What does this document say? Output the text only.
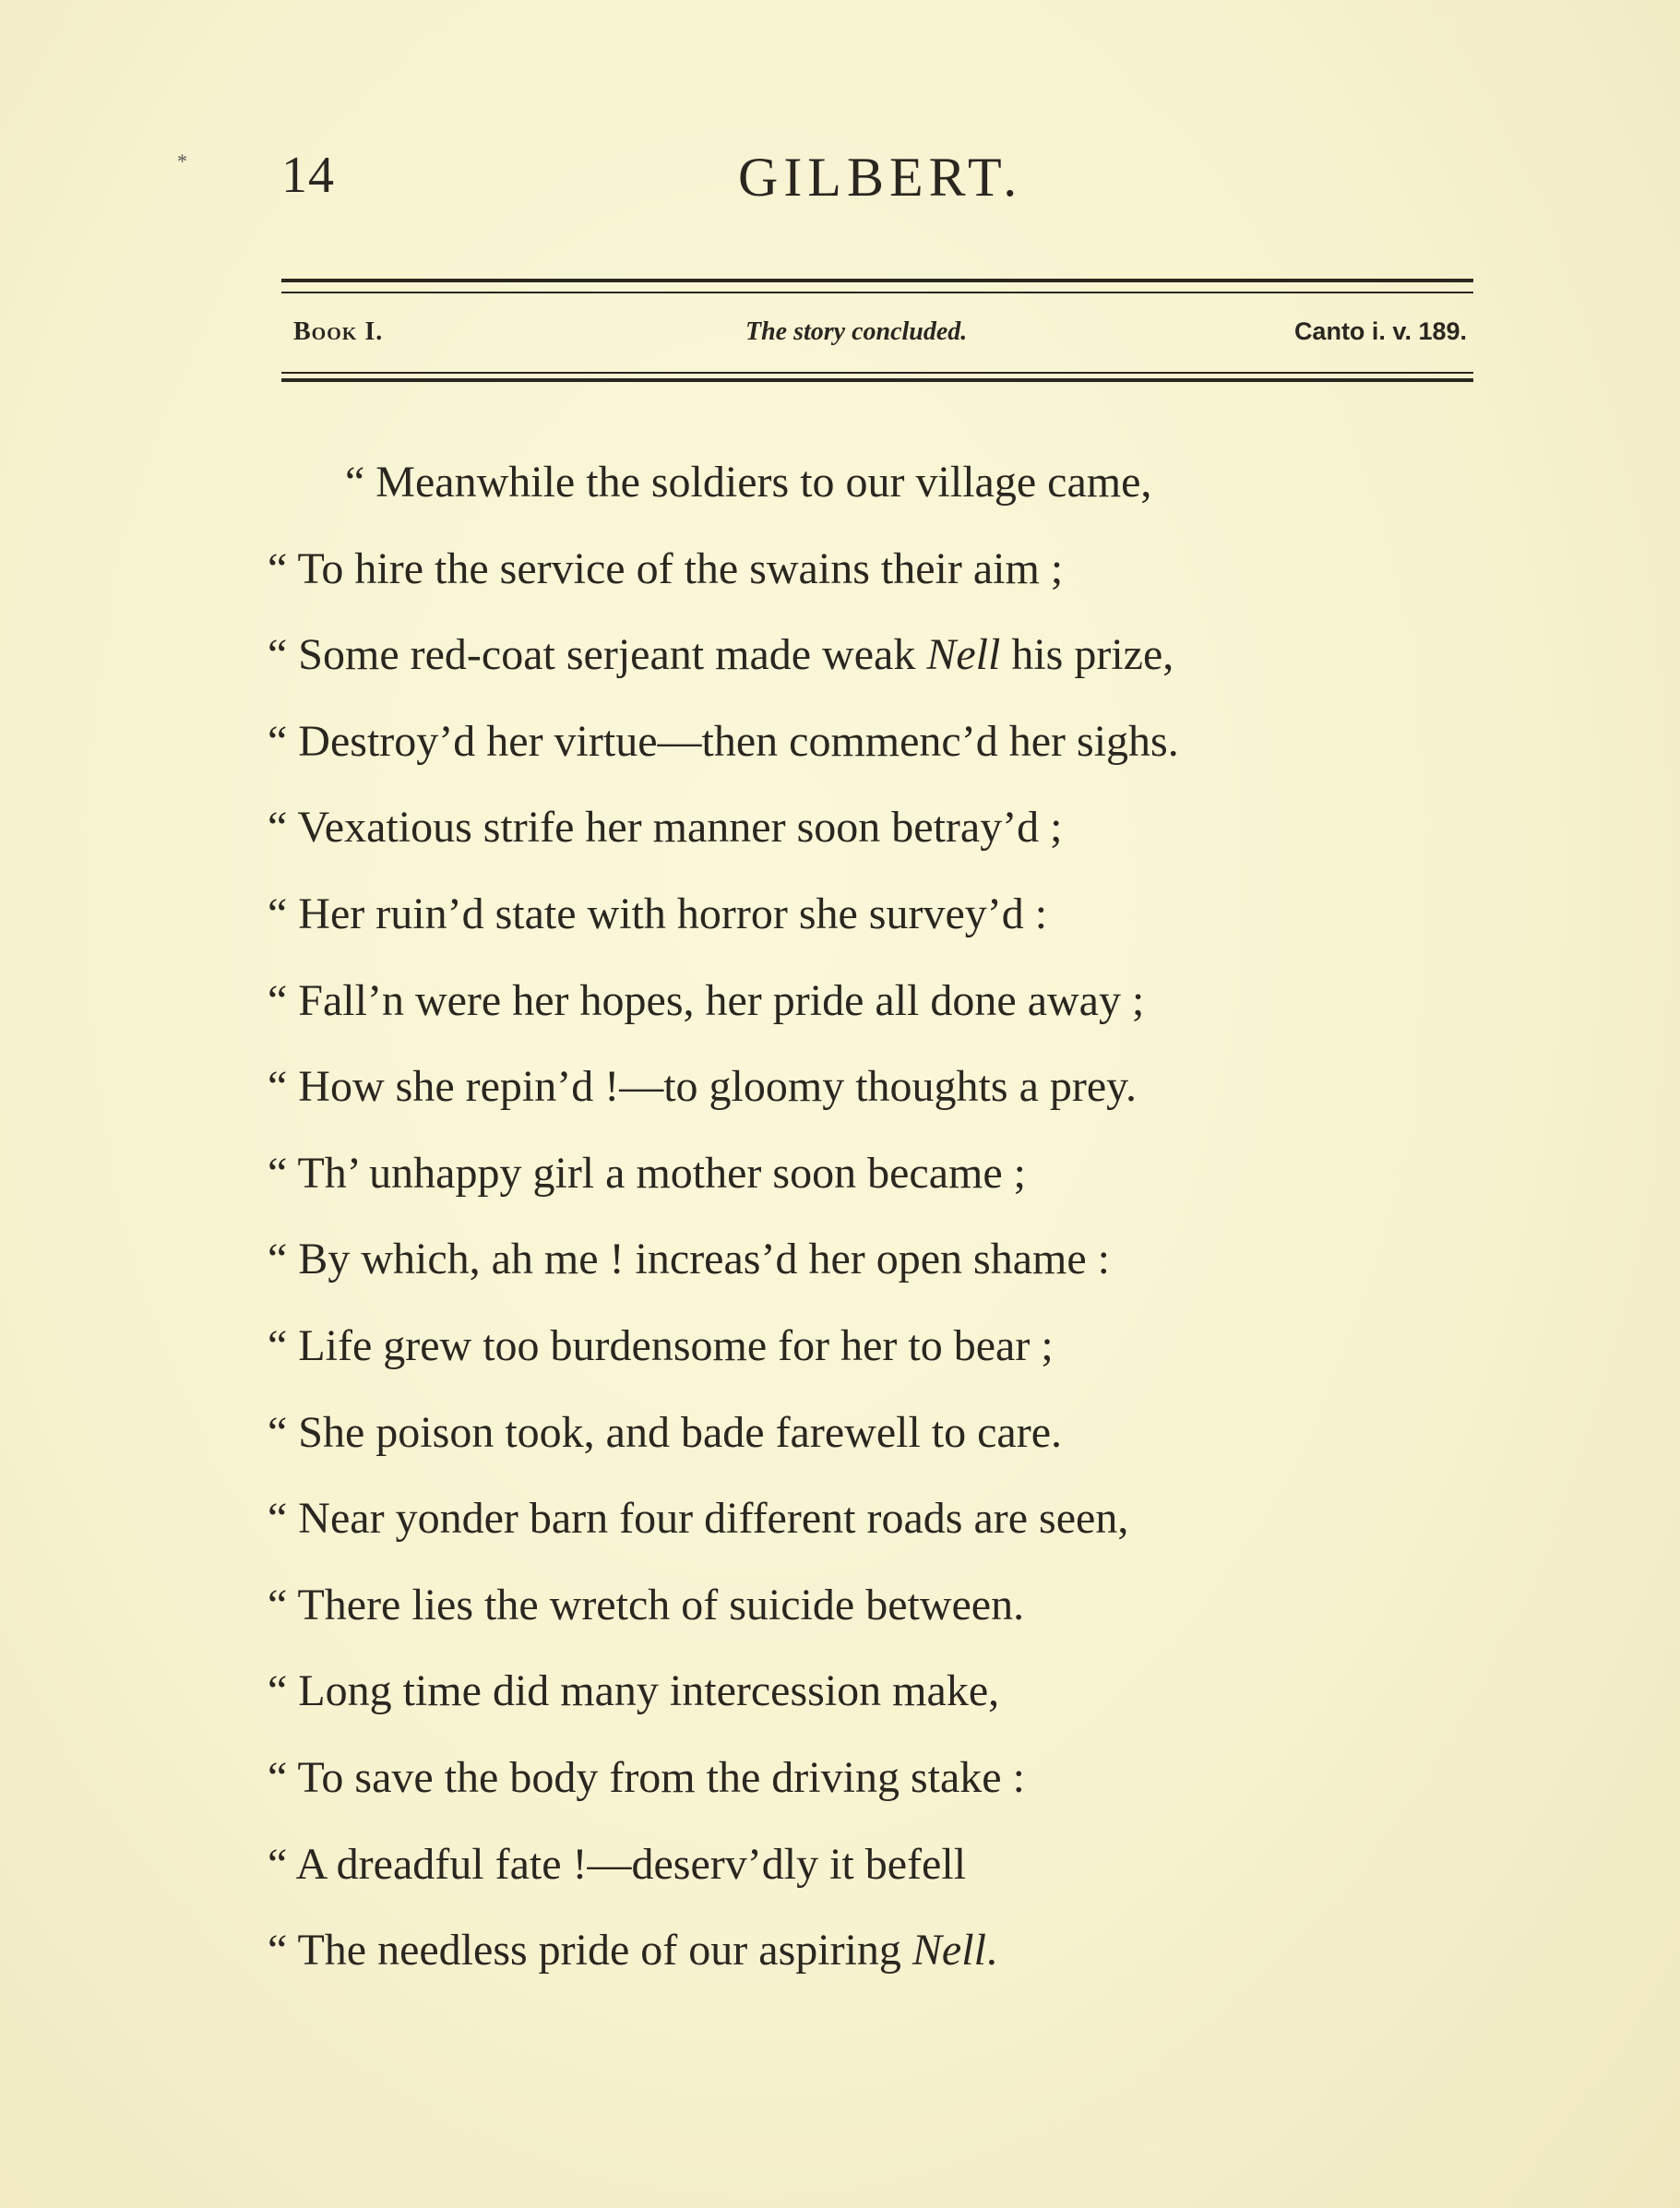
* 14	GILBERT.
Book I.	The story concluded.	Canto i. v. 189.
“ Meanwhile the soldiers to our village came,
“ To hire the service of the swains their aim ;
“ Some red-coat serjeant made weak Nell his prize,
“ Destroy’d her virtue—then commenc’d her sighs.
“ Vexatious strife her manner soon betray’d ;
“ Her ruin’d state with horror she survey’d :
“ Fall’n were her hopes, her pride all done away ;
“ How she repin’d !—to gloomy thoughts a prey.
“ Th’ unhappy girl a mother soon became ;
“ By which, ah me ! increas’d her open shame :
“ Life grew too burdensome for her to bear ;
“ She poison took, and bade farewell to care.
“ Near yonder barn four different roads are seen,
“ There lies the wretch of suicide between.
“ Long time did many intercession make,
“ To save the body from the driving stake :
“ A dreadful fate !—deserv’dly it befell
“ The needless pride of our aspiring Nell.
